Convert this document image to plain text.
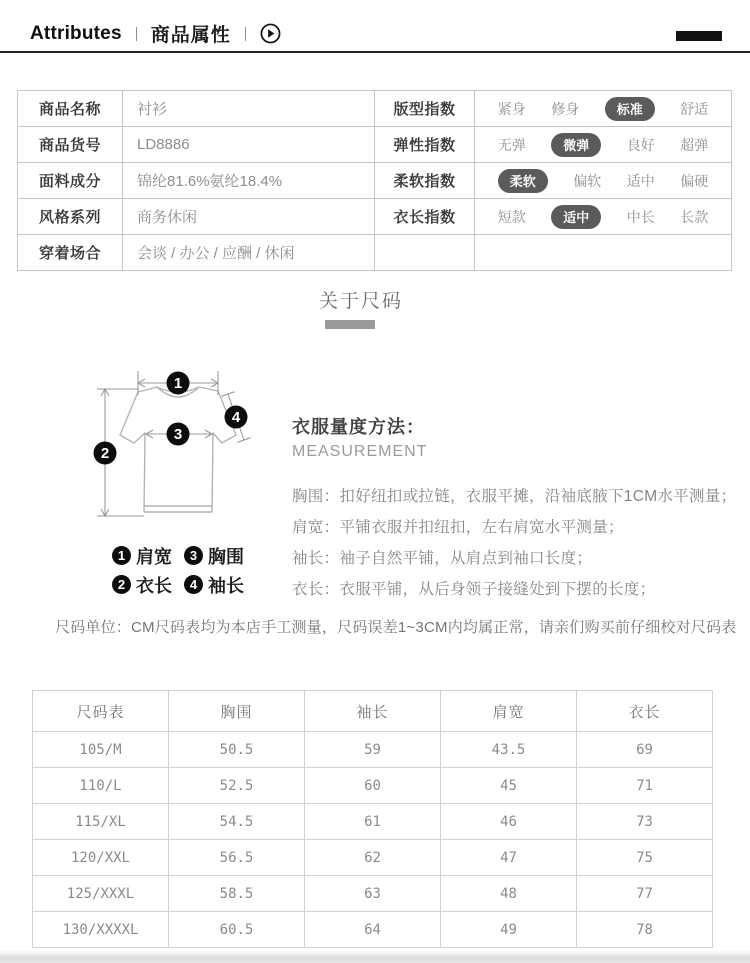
Attributes 商品属性
商品名称	衬衫	版型指数	紧身 修身	标准	舒适
商品货号	LD8886	弹性指数	无弹	微弹	良好 超弹
面料成分	锦纶81.6%氨纶18.4%	柔软指数	柔软	偏软 适中 偏硬
风格系列	商务休闲	衣长指数	短款	适中	中长 长款
穿着场合	会谈 / 办公 / 应酬 / 休闲
关于尺码
1
2
3
4
1 肩宽	3 胸围
2 衣长	4 袖长
衣服量度方法：
MEASUREMENT
胸围：扣好纽扣或拉链，衣服平摊，沿袖底腋下1CM水平测量；
肩宽：平铺衣服并扣纽扣，左右肩宽水平测量；
袖长：袖子自然平铺，从肩点到袖口长度；
衣长：衣服平铺，从后身领子接缝处到下摆的长度；
尺码单位：CM尺码表均为本店手工测量，尺码误差1~3CM内均属正常，请亲们购买前仔细校对尺码表
尺码表	胸围	袖长	肩宽	衣长
105/M	50.5	59	43.5	69
110/L	52.5	60	45	71
115/XL	54.5	61	46	73
120/XXL	56.5	62	47	75
125/XXXL	58.5	63	48	77
130/XXXXL	60.5	64	49	78
